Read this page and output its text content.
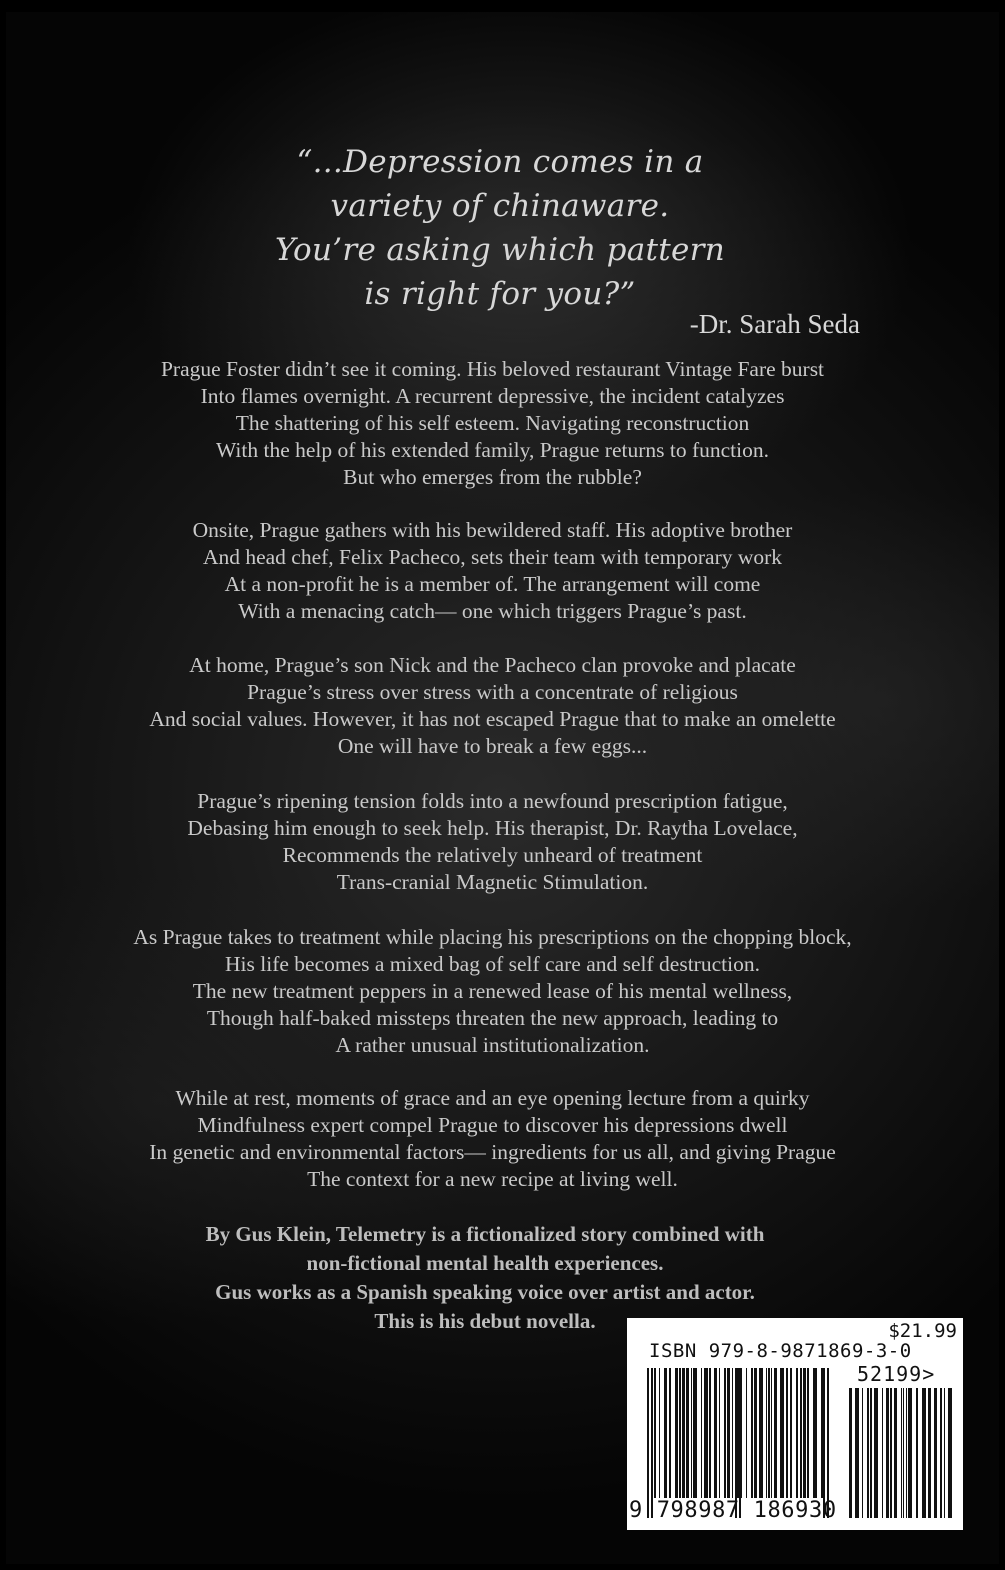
“...Depression comes in a
variety of chinaware.
You’re asking which pattern
is right for you?”
-Dr. Sarah Seda
Prague Foster didn’t see it coming. His beloved restaurant Vintage Fare burst
Into flames overnight. A recurrent depressive, the incident catalyzes
The shattering of his self esteem. Navigating reconstruction
With the help of his extended family, Prague returns to function.
But who emerges from the rubble?
Onsite, Prague gathers with his bewildered staff. His adoptive brother
And head chef, Felix Pacheco, sets their team with temporary work
At a non-profit he is a member of. The arrangement will come
With a menacing catch— one which triggers Prague’s past.
At home, Prague’s son Nick and the Pacheco clan provoke and placate
Prague’s stress over stress with a concentrate of religious
And social values. However, it has not escaped Prague that to make an omelette
One will have to break a few eggs...
Prague’s ripening tension folds into a newfound prescription fatigue,
Debasing him enough to seek help. His therapist, Dr. Raytha Lovelace,
Recommends the relatively unheard of treatment
Trans-cranial Magnetic Stimulation.
As Prague takes to treatment while placing his prescriptions on the chopping block,
His life becomes a mixed bag of self care and self destruction.
The new treatment peppers in a renewed lease of his mental wellness,
Though half-baked missteps threaten the new approach, leading to
A rather unusual institutionalization.
While at rest, moments of grace and an eye opening lecture from a quirky
Mindfulness expert compel Prague to discover his depressions dwell
In genetic and environmental factors— ingredients for us all, and giving Prague
The context for a new recipe at living well.
By Gus Klein, Telemetry is a fictionalized story combined with
non-fictional mental health experiences.
Gus works as a Spanish speaking voice over artist and actor.
This is his debut novella.	$21.99
ISBN 979-8-9871869-3-0
52199>
9 798987 186930
